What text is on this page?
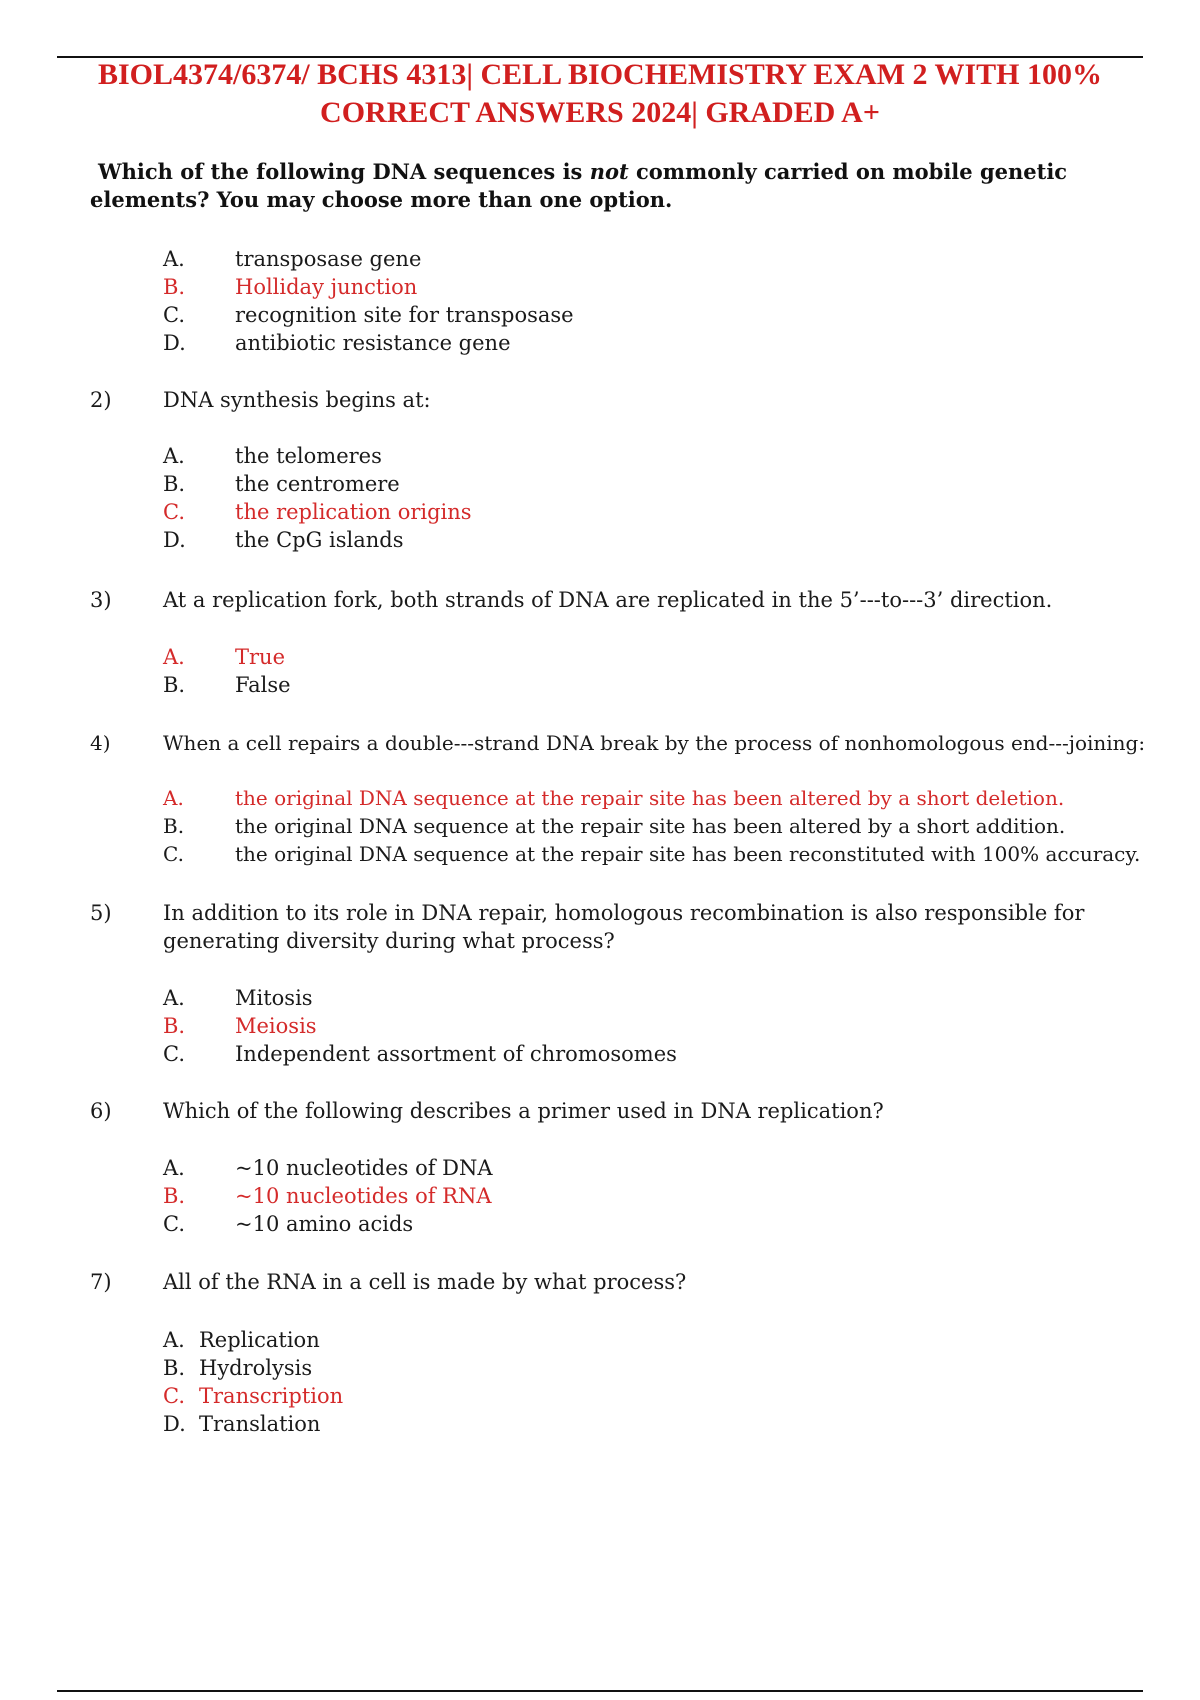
BIOL4374/6374/ BCHS 4313| CELL BIOCHEMISTRY EXAM 2 WITH 100%
CORRECT ANSWERS 2024| GRADED A+
Which of the following DNA sequences is not commonly carried on mobile genetic elements? You may choose more than one option.
A. transposase gene
B. Holliday junction
C. recognition site for transposase
D. antibiotic resistance gene
2)	DNA synthesis begins at:
A. the telomeres
B. the centromere
C. the replication origins
D. the CpG islands
3)	At a replication fork, both strands of DNA are replicated in the 5’---to---3’ direction.
A. True
B. False
4)	When a cell repairs a double---strand DNA break by the process of nonhomologous end---joining:
A.	the original DNA sequence at the repair site has been altered by a short deletion.
B.	the original DNA sequence at the repair site has been altered by a short addition.
C.	the original DNA sequence at the repair site has been reconstituted with 100% accuracy.
5)	In addition to its role in DNA repair, homologous recombination is also responsible for
generating diversity during what process?
A. Mitosis
B. Meiosis
C. Independent assortment of chromosomes
6)	Which of the following describes a primer used in DNA replication?
A. ~10 nucleotides of DNA
B. ~10 nucleotides of RNA
C. ~10 amino acids
7)	All of the RNA in a cell is made by what process?
A. Replication
B. Hydrolysis
C. Transcription
D. Translation
